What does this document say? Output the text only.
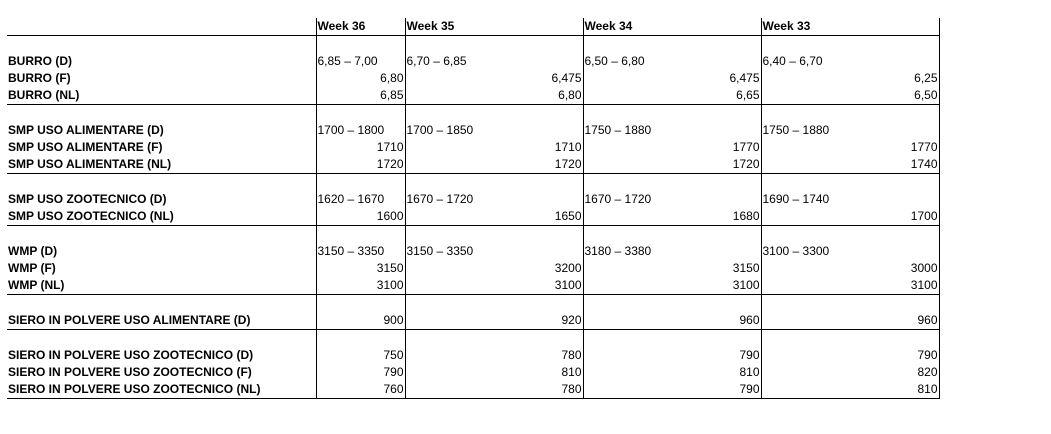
	Week 36	Week 35	Week 34	Week 33

BURRO (D)	6,85 – 7,00	6,70 – 6,85	6,50 – 6,80	6,40 – 6,70
BURRO (F)	6,80	6,475	6,475	6,25
BURRO (NL)	6,85	6,80	6,65	6,50

SMP USO ALIMENTARE (D)	1700 – 1800	1700 – 1850	1750 – 1880	1750 – 1880
SMP USO ALIMENTARE (F)	1710	1710	1770	1770
SMP USO ALIMENTARE (NL)	1720	1720	1720	1740

SMP USO ZOOTECNICO (D)	1620 – 1670	1670 – 1720	1670 – 1720	1690 – 1740
SMP USO ZOOTECNICO (NL)	1600	1650	1680	1700

WMP (D)	3150 – 3350	3150 – 3350	3180 – 3380	3100 – 3300
WMP (F)	3150	3200	3150	3000
WMP (NL)	3100	3100	3100	3100

SIERO IN POLVERE USO ALIMENTARE (D)	900	920	960	960

SIERO IN POLVERE USO ZOOTECNICO (D)	750	780	790	790
SIERO IN POLVERE USO ZOOTECNICO (F)	790	810	810	820
SIERO IN POLVERE USO ZOOTECNICO (NL)	760	780	790	810
